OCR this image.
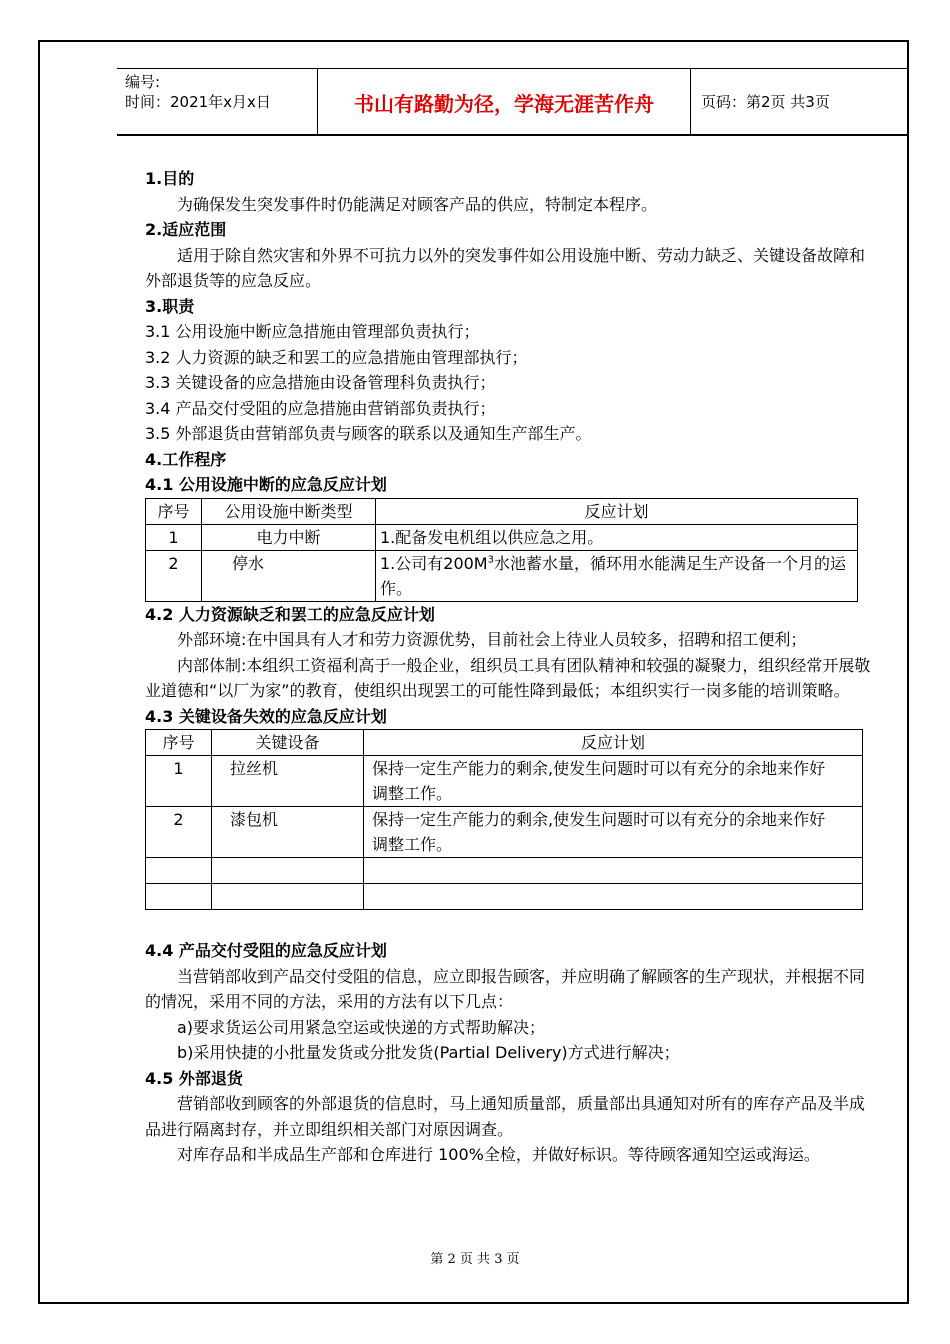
编号:
时间：2021年x月x日	书山有路勤为径，学海无涯苦作舟	页码：第2页 共3页

1.目的

为确保发生突发事件时仍能满足对顾客产品的供应，特制定本程序。

2.适应范围

适用于除自然灾害和外界不可抗力以外的突发事件如公用设施中断、劳动力缺乏、关键设备故障和外部退货等的应急反应。

3.职责

3.1 公用设施中断应急措施由管理部负责执行；

3.2 人力资源的缺乏和罢工的应急措施由管理部执行；

3.3 关键设备的应急措施由设备管理科负责执行；

3.4 产品交付受阻的应急措施由营销部负责执行；

3.5 外部退货由营销部负责与顾客的联系以及通知生产部生产。

4.工作程序

4.1 公用设施中断的应急反应计划

序号	公用设施中断类型	反应计划
1	电力中断	1.配备发电机组以供应急之用。
2	停水	1.公司有$200M^3$水池蓄水量，循环用水能满足生产设备一个月的运作。

4.2 人力资源缺乏和罢工的应急反应计划

外部环境:在中国具有人才和劳力资源优势，目前社会上待业人员较多，招聘和招工便利；

内部体制:本组织工资福利高于一般企业，组织员工具有团队精神和较强的凝聚力，组织经常开展敬业道德和“以厂为家”的教育，使组织出现罢工的可能性降到最低；本组织实行一岗多能的培训策略。

4.3 关键设备失效的应急反应计划

序号	关键设备	反应计划
1	拉丝机	保持一定生产能力的剩余,使发生问题时可以有充分的余地来作好调整工作。
2	漆包机	保持一定生产能力的剩余,使发生问题时可以有充分的余地来作好调整工作。

4.4 产品交付受阻的应急反应计划

当营销部收到产品交付受阻的信息，应立即报告顾客，并应明确了解顾客的生产现状，并根据不同的情况，采用不同的方法，采用的方法有以下几点：

a)要求货运公司用紧急空运或快递的方式帮助解决；

b)采用快捷的小批量发货或分批发货(Partial Delivery)方式进行解决；

4.5 外部退货

营销部收到顾客的外部退货的信息时，马上通知质量部，质量部出具通知对所有的库存产品及半成品进行隔离封存，并立即组织相关部门对原因调查。

对库存品和半成品生产部和仓库进行 100%全检，并做好标识。等待顾客通知空运或海运。

第 2 页 共 3 页
